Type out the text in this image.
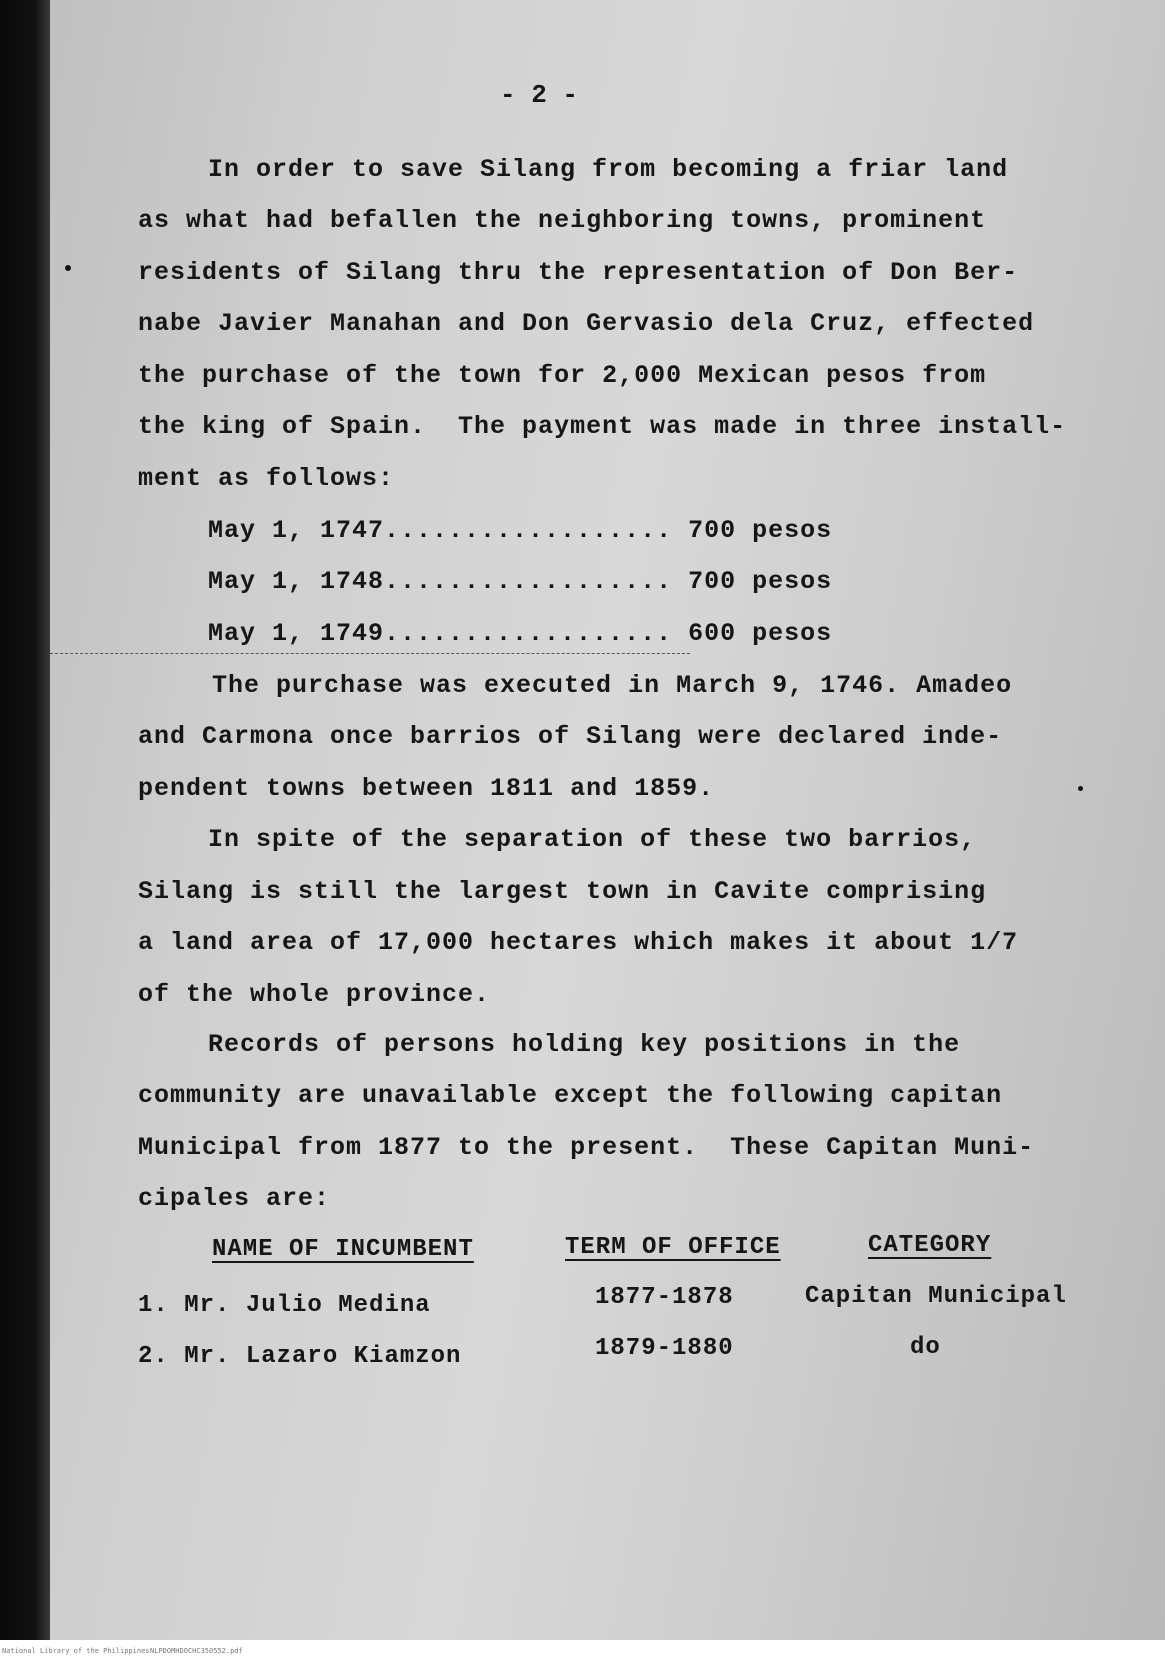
- 2 -
In order to save Silang from becoming a friar land
as what had befallen the neighboring towns, prominent
residents of Silang thru the representation of Don Ber-
nabe Javier Manahan and Don Gervasio dela Cruz, effected
the purchase of the town for 2,000 Mexican pesos from
the king of Spain.  The payment was made in three install-
ment as follows:
May 1, 1747.................. 700 pesos
May 1, 1748.................. 700 pesos
May 1, 1749.................. 600 pesos
The purchase was executed in March 9, 1746. Amadeo
and Carmona once barrios of Silang were declared inde-
pendent towns between 1811 and 1859.
In spite of the separation of these two barrios,
Silang is still the largest town in Cavite comprising
a land area of 17,000 hectares which makes it about 1/7
of the whole province.
Records of persons holding key positions in the
community are unavailable except the following capitan
Municipal from 1877 to the present.  These Capitan Muni-
cipales are:
NAME OF INCUMBENT	TERM OF OFFICE	CATEGORY
1. Mr. Julio Medina	1877-1878	Capitan Municipal
2. Mr. Lazaro Kiamzon	1879-1880	do
National Library of the Philippines NLPDOMHDOCHC350552.pdf
